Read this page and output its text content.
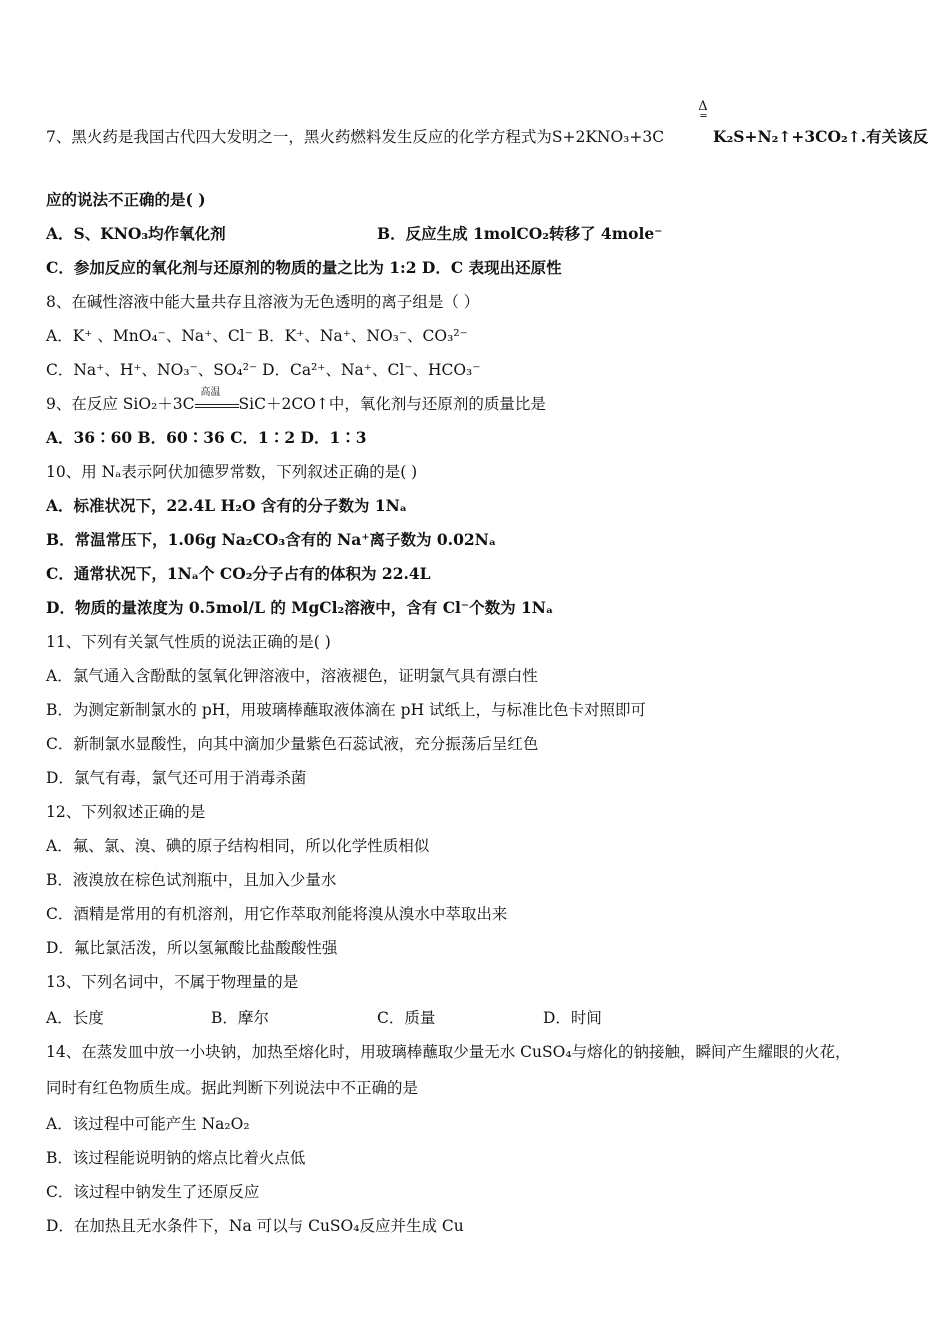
Δ
═
7、黑火药是我国古代四大发明之一，黑火药燃料发生反应的化学方程式为S+2KNO₃+3C	K₂S+N₂↑+3CO₂↑.有关该反
应的说法不正确的是( )
A．S、KNO₃均作氧化剂	B．反应生成 1molCO₂转移了 4mole⁻
C．参加反应的氧化剂与还原剂的物质的量之比为 1:2 D．C 表现出还原性
8、在碱性溶液中能大量共存且溶液为无色透明的离子组是（ ）
A．K⁺ 、MnO₄⁻、Na⁺、Cl⁻ B．K⁺、Na⁺、NO₃⁻、CO₃²⁻
C．Na⁺、H⁺、NO₃⁻、SO₄²⁻ D．Ca²⁺、Na⁺、Cl⁻、HCO₃⁻
9、在反应 SiO₂＋3C
高温
SiC＋2CO↑中，氧化剂与还原剂的质量比是
A．36∶60 B．60∶36 C．1∶2 D．1∶3
10、用 Nₐ表示阿伏加德罗常数，下列叙述正确的是( )
A．标准状况下，22.4L H₂O 含有的分子数为 1Nₐ
B．常温常压下，1.06g Na₂CO₃含有的 Na⁺离子数为 0.02Nₐ
C．通常状况下，1Nₐ个 CO₂分子占有的体积为 22.4L
D．物质的量浓度为 0.5mol/L 的 MgCl₂溶液中，含有 Cl⁻个数为 1Nₐ
11、下列有关氯气性质的说法正确的是( )
A．氯气通入含酚酞的氢氧化钾溶液中，溶液褪色，证明氯气具有漂白性
B．为测定新制氯水的 pH，用玻璃棒蘸取液体滴在 pH 试纸上，与标准比色卡对照即可
C．新制氯水显酸性，向其中滴加少量紫色石蕊试液，充分振荡后呈红色
D．氯气有毒，氯气还可用于消毒杀菌
12、下列叙述正确的是
A．氟、氯、溴、碘的原子结构相同，所以化学性质相似
B．液溴放在棕色试剂瓶中，且加入少量水
C．酒精是常用的有机溶剂，用它作萃取剂能将溴从溴水中萃取出来
D．氟比氯活泼，所以氢氟酸比盐酸酸性强
13、下列名词中，不属于物理量的是
A．长度	B．摩尔	C．质量	D．时间
14、在蒸发皿中放一小块钠，加热至熔化时，用玻璃棒蘸取少量无水 CuSO₄与熔化的钠接触，瞬间产生耀眼的火花，
同时有红色物质生成。据此判断下列说法中不正确的是
A．该过程中可能产生 Na₂O₂
B．该过程能说明钠的熔点比着火点低
C．该过程中钠发生了还原反应
D．在加热且无水条件下，Na 可以与 CuSO₄反应并生成 Cu
